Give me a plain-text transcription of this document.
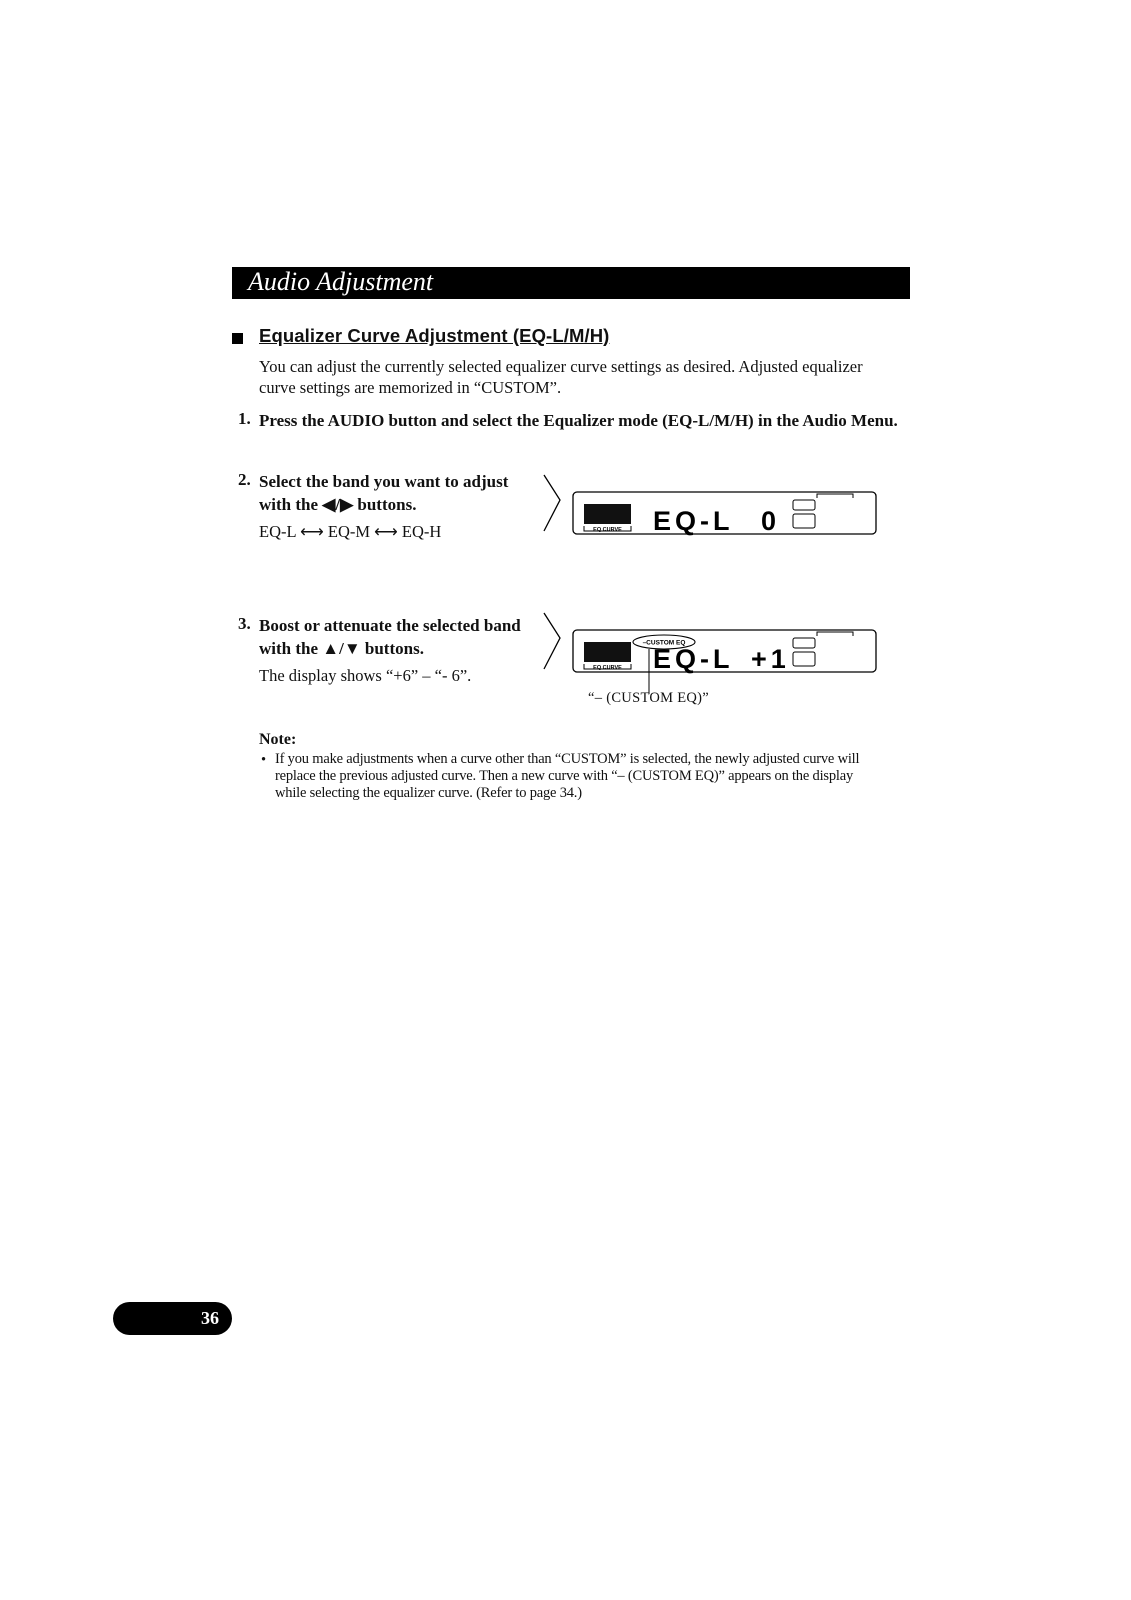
Audio Adjustment
Equalizer Curve Adjustment (EQ-L/M/H)
You can adjust the currently selected equalizer curve settings as desired. Adjusted equalizer curve settings are memorized in “CUSTOM”.
1. Press the AUDIO button and select the Equalizer mode (EQ-L/M/H) in the Audio Menu.
2. Select the band you want to adjust with the ◀/▶ buttons.
EQ-L ⟷ EQ-M ⟷ EQ-H	EQ CURVE EQ-L 0
3. Boost or attenuate the selected band with the ▲/▼ buttons.
The display shows “+6” – “- 6”.	EQ CURVE
–CUSTOM EQ
EQ-L +1
“– (CUSTOM EQ)”
Note:
• If you make adjustments when a curve other than “CUSTOM” is selected, the newly adjusted curve will replace the previous adjusted curve. Then a new curve with “– (CUSTOM EQ)” appears on the display while selecting the equalizer curve. (Refer to page 34.)
36
